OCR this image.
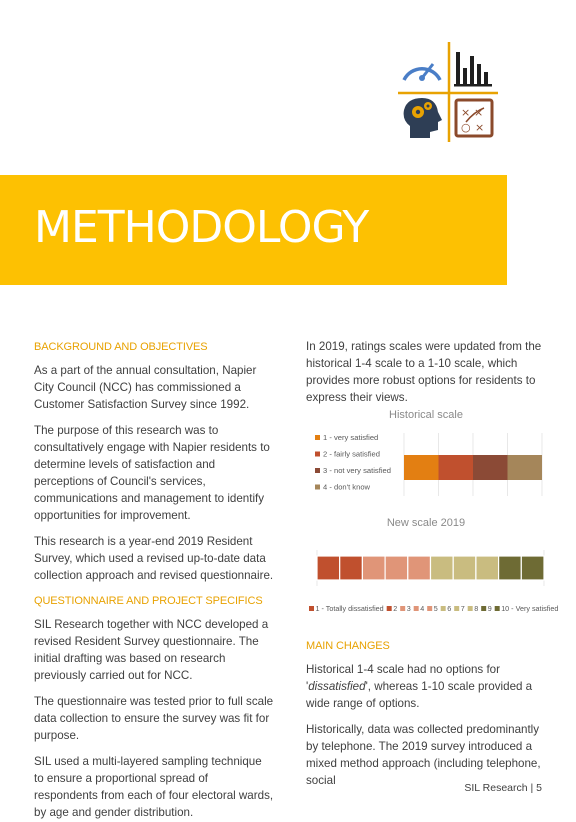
× ×
○ ×
METHODOLOGY
BACKGROUND AND OBJECTIVES

As a part of the annual consultation, Napier City Council (NCC) has commissioned a Customer Satisfaction Survey since 1992.

The purpose of this research was to consultatively engage with Napier residents to determine levels of satisfaction and perceptions of Council's services, communications and management to identify opportunities for improvement.

This research is a year-end 2019 Resident Survey, which used a revised up-to-date data collection approach and revised questionnaire.

QUESTIONNAIRE AND PROJECT SPECIFICS

SIL Research together with NCC developed a revised Resident Survey questionnaire. The initial drafting was based on research previously carried out for NCC.

The questionnaire was tested prior to full scale data collection to ensure the survey was fit for purpose.

SIL used a multi-layered sampling technique to ensure a proportional spread of respondents from each of four electoral wards, by age and gender distribution.

In 2019, ratings scales were updated from the historical 1-4 scale to a 1-10 scale, which provides more robust options for residents to express their views.

Historical scale
1 - very satisfied
2 - fairly satisfied
3 - not very satisfied
4 - don't know
New scale 2019
1 - Totally dissatisfied 2 3 4 5 6 7 8 9 10 - Very satisfied
MAIN CHANGES

Historical 1-4 scale had no options for 'dissatisfied', whereas 1-10 scale provided a wide range of options.

Historically, data was collected predominantly by telephone. The 2019 survey introduced a mixed method approach (including telephone, social

SIL Research | 5
